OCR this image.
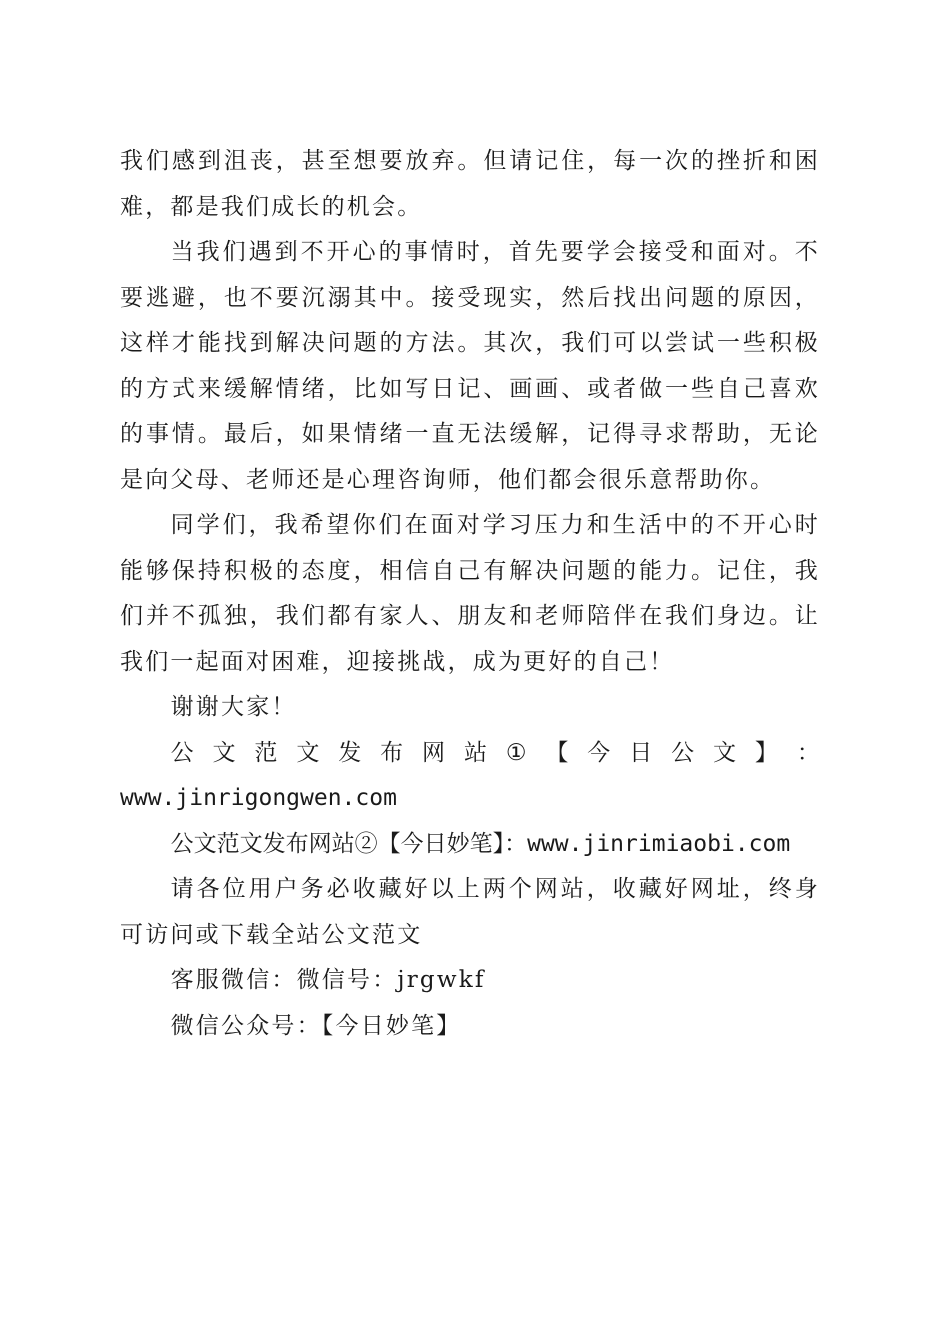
我们感到沮丧，甚至想要放弃。但请记住，每一次的挫折和困难，都是我们成长的机会。

当我们遇到不开心的事情时，首先要学会接受和面对。不要逃避，也不要沉溺其中。接受现实，然后找出问题的原因，这样才能找到解决问题的方法。其次，我们可以尝试一些积极的方式来缓解情绪，比如写日记、画画、或者做一些自己喜欢的事情。最后，如果情绪一直无法缓解，记得寻求帮助，无论是向父母、老师还是心理咨询师，他们都会很乐意帮助你。

同学们，我希望你们在面对学习压力和生活中的不开心时能够保持积极的态度，相信自己有解决问题的能力。记住，我们并不孤独，我们都有家人、朋友和老师陪伴在我们身边。让我们一起面对困难，迎接挑战，成为更好的自己！

谢谢大家！

公 文 范 文 发 布 网 站 ① 【 今 日 公 文 】 ：
www.jinrigongwen.com
公文范文发布网站②【今日妙笔】：www.jinrimiaobi.com

请各位用户务必收藏好以上两个网站，收藏好网址，终身可访问或下载全站公文范文

客服微信：微信号：jrgwkf

微信公众号：【今日妙笔】
